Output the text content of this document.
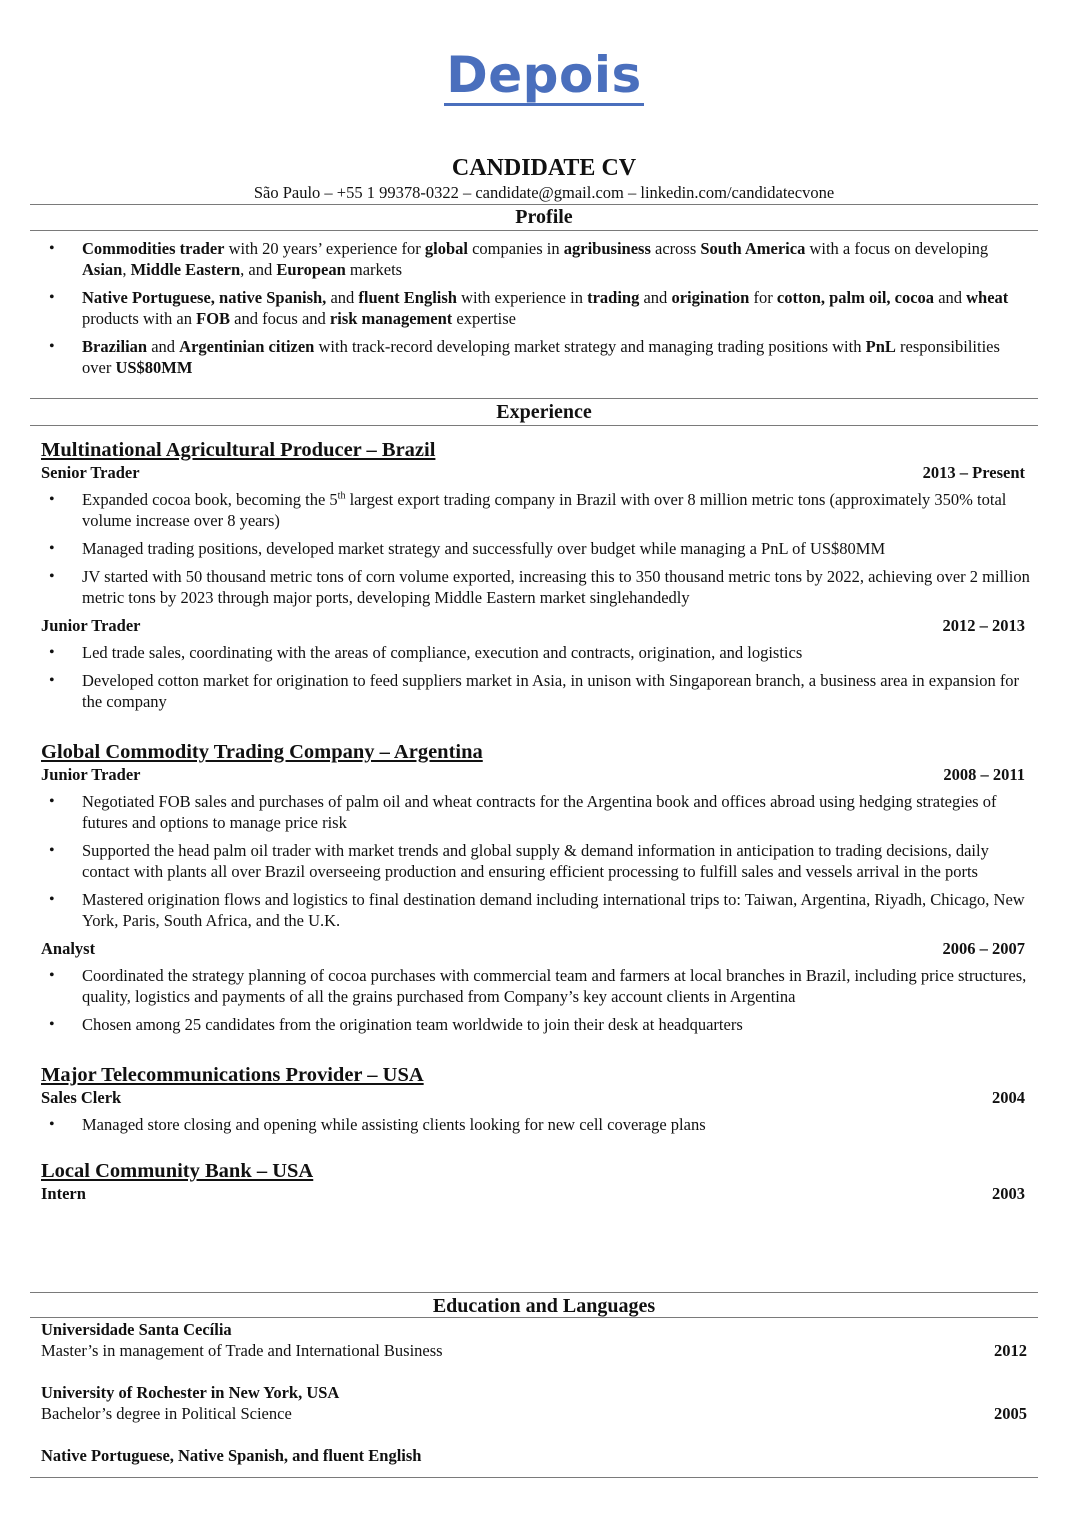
Depois
CANDIDATE CV
São Paulo – +55 1 99378-0322 – candidate@gmail.com – linkedin.com/candidatecvone
Profile
• Commodities trader with 20 years’ experience for global companies in agribusiness across South America with a focus on developing Asian, Middle Eastern, and European markets
• Native Portuguese, native Spanish, and fluent English with experience in trading and origination for cotton, palm oil, cocoa and wheat products with an FOB and focus and risk management expertise
• Brazilian and Argentinian citizen with track-record developing market strategy and managing trading positions with PnL responsibilities over US$80MM
Experience
Multinational Agricultural Producer – Brazil
Senior Trader	2013 – Present
• Expanded cocoa book, becoming the 5th largest export trading company in Brazil with over 8 million metric tons (approximately 350% total volume increase over 8 years)
• Managed trading positions, developed market strategy and successfully over budget while managing a PnL of US$80MM
• JV started with 50 thousand metric tons of corn volume exported, increasing this to 350 thousand metric tons by 2022, achieving over 2 million metric tons by 2023 through major ports, developing Middle Eastern market singlehandedly
Junior Trader	2012 – 2013
• Led trade sales, coordinating with the areas of compliance, execution and contracts, origination, and logistics
• Developed cotton market for origination to feed suppliers market in Asia, in unison with Singaporean branch, a business area in expansion for the company
Global Commodity Trading Company – Argentina
Junior Trader	2008 – 2011
• Negotiated FOB sales and purchases of palm oil and wheat contracts for the Argentina book and offices abroad using hedging strategies of futures and options to manage price risk
• Supported the head palm oil trader with market trends and global supply & demand information in anticipation to trading decisions, daily contact with plants all over Brazil overseeing production and ensuring efficient processing to fulfill sales and vessels arrival in the ports
• Mastered origination flows and logistics to final destination demand including international trips to: Taiwan, Argentina, Riyadh, Chicago, New York, Paris, South Africa, and the U.K.
Analyst	2006 – 2007
• Coordinated the strategy planning of cocoa purchases with commercial team and farmers at local branches in Brazil, including price structures, quality, logistics and payments of all the grains purchased from Company’s key account clients in Argentina
• Chosen among 25 candidates from the origination team worldwide to join their desk at headquarters
Major Telecommunications Provider – USA
Sales Clerk	2004
• Managed store closing and opening while assisting clients looking for new cell coverage plans
Local Community Bank – USA
Intern	2003
Education and Languages
Universidade Santa Cecília
Master’s in management of Trade and International Business	2012
University of Rochester in New York, USA
Bachelor’s degree in Political Science	2005
Native Portuguese, Native Spanish, and fluent English
